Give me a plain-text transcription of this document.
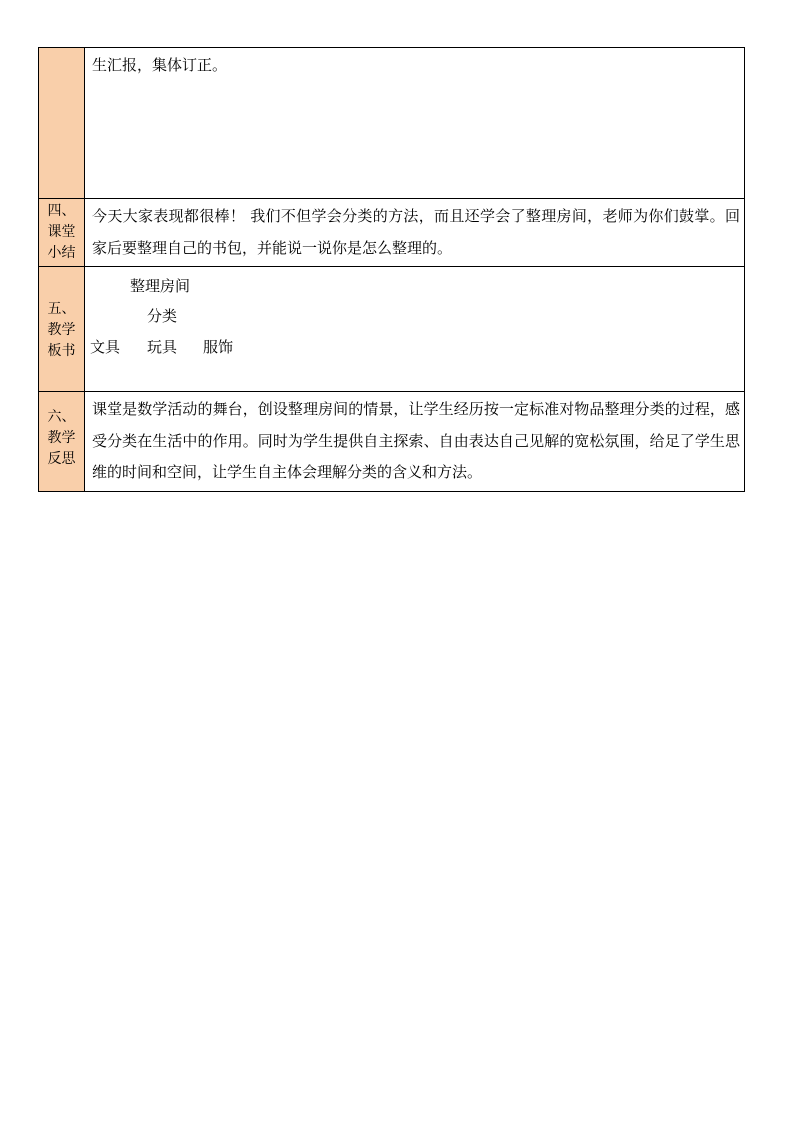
	生汇报，集体订正。

四、
课堂
小结	今天大家表现都很棒！ 我们不但学会分类的方法，而且还学会了整理房间，老师为你们鼓掌。回家后要整理自己的书包，并能说一说你是怎么整理的。

五、
教学
板书	整理房间
分类
文具 玩具 服饰

六、
教学
反思	课堂是数学活动的舞台，创设整理房间的情景，让学生经历按一定标准对物品整理分类的过程，感受分类在生活中的作用。同时为学生提供自主探索、自由表达自己见解的宽松氛围，给足了学生思维的时间和空间，让学生自主体会理解分类的含义和方法。
